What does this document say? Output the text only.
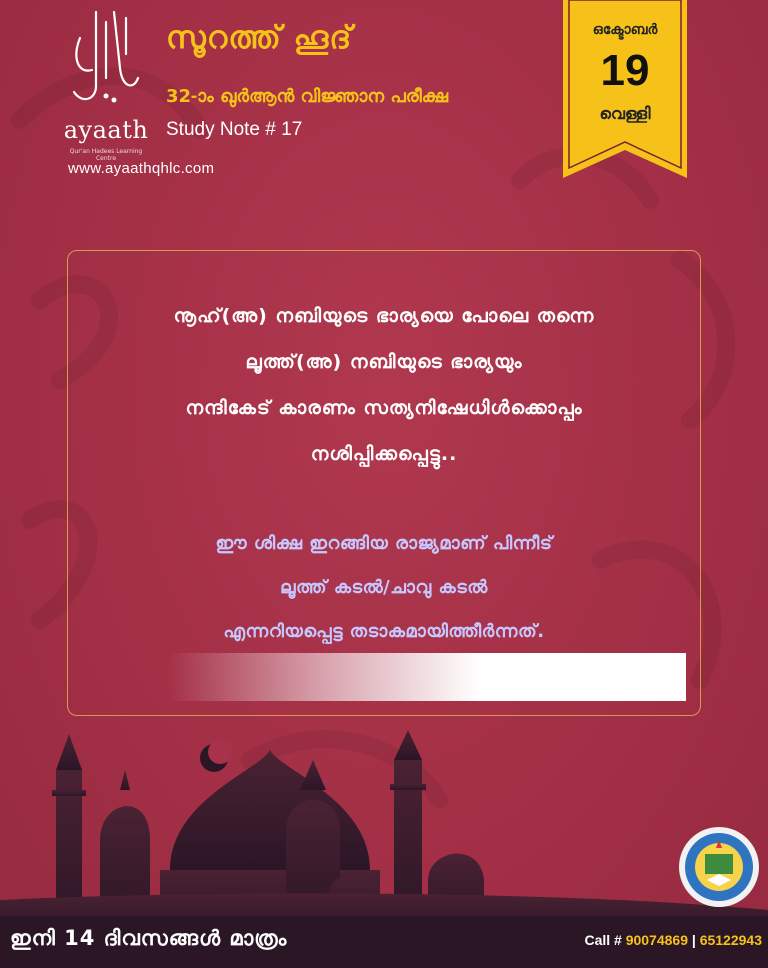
ayaath
Qur'an Hadees Learning Centre
www.ayaathqhlc.com
സൂറത്ത് ഹൂദ്
32-ാം ഖുർആൻ വിജ്ഞാന പരീക്ഷ
Study Note # 17
ഒക്ടോബർ
19
വെള്ളി
നൂഹ്(അ) നബിയുടെ ഭാര്യയെ പോലെ തന്നെ
ലൂത്ത്(അ) നബിയുടെ ഭാര്യയും
നന്ദികേട് കാരണം സത്യനിഷേധിൾക്കൊപ്പം
നശിപ്പിക്കപ്പെട്ടു..
ഈ ശിക്ഷ ഇറങ്ങിയ രാജ്യമാണ് പിന്നീട്
ലൂത്ത് കടൽ/ചാവു കടൽ
എന്നറിയപ്പെട്ട തടാകമായിത്തീർന്നത്.
ഇനി 14 ദിവസങ്ങൾ മാത്രം	Call # 90074869 | 65122943
